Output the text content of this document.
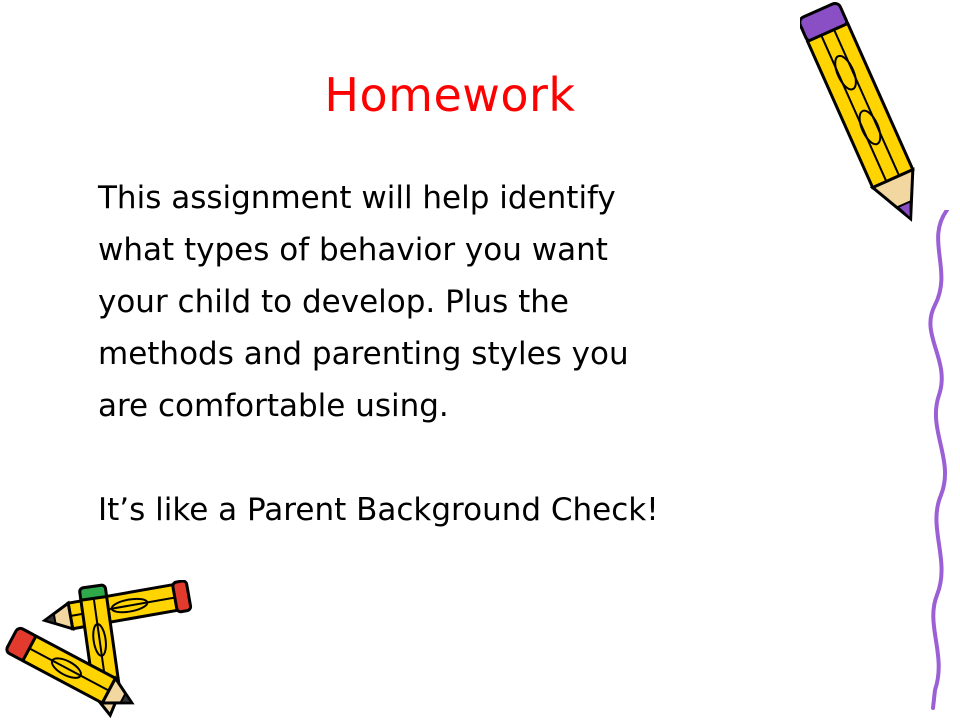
Homework

This assignment will help identify

what types of behavior you want

your child to develop. Plus the

methods and parenting styles you

are comfortable using.

It’s like a Parent Background Check!
